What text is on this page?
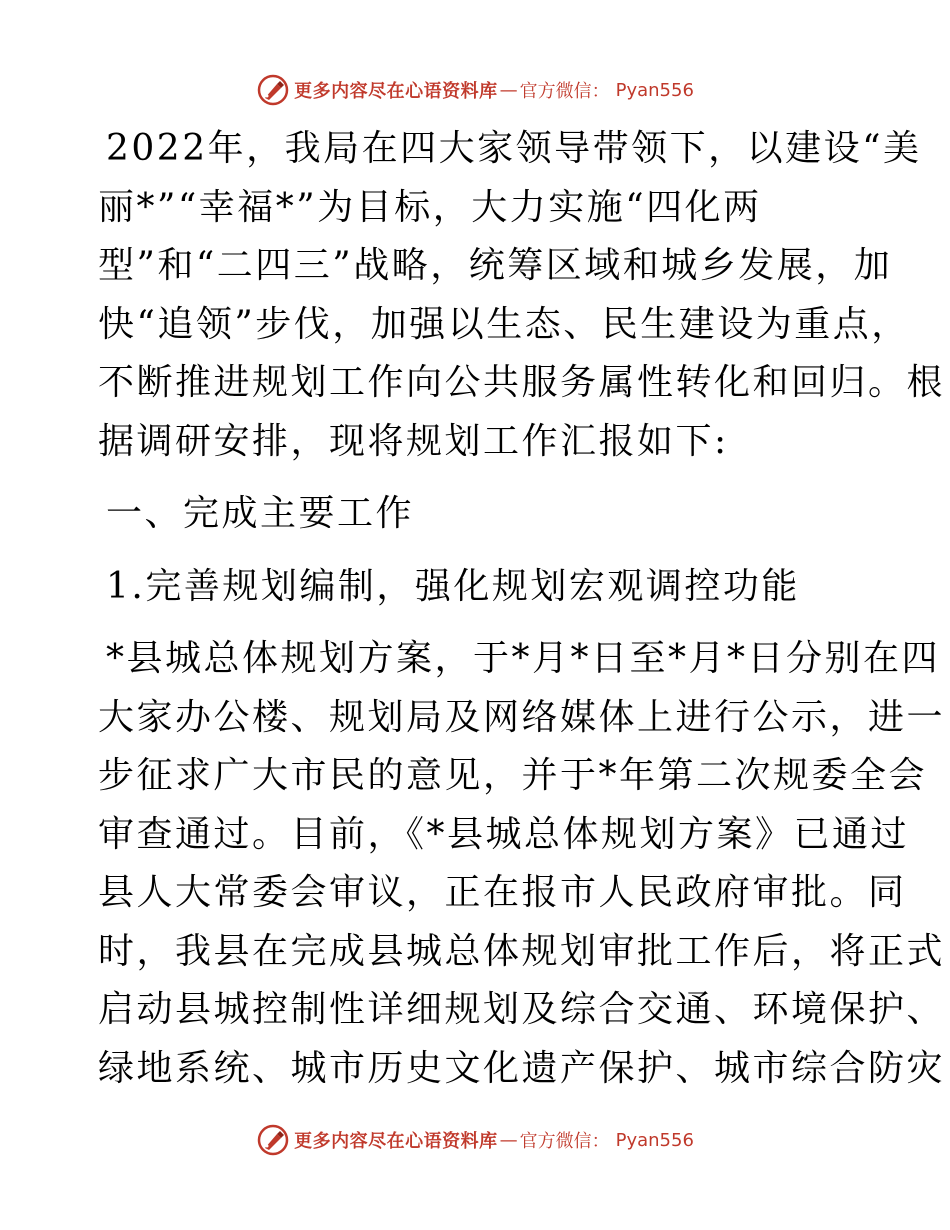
更多内容尽在心语资料库 — 官方微信： Pyan556
2022年，我局在四大家领导带领下，以建设“美
丽*”“幸福*”为目标，大力实施“四化两
型”和“二四三”战略，统筹区域和城乡发展，加
快“追领”步伐，加强以生态、民生建设为重点，
不断推进规划工作向公共服务属性转化和回归。根
据调研安排，现将规划工作汇报如下:
一、完成主要工作
1.完善规划编制，强化规划宏观调控功能
*县城总体规划方案，于*月*日至*月*日分别在四
大家办公楼、规划局及网络媒体上进行公示，进一
步征求广大市民的意见，并于*年第二次规委全会
审查通过。目前，《*县城总体规划方案》已通过
县人大常委会审议，正在报市人民政府审批。同
时，我县在完成县城总体规划审批工作后，将正式
启动县城控制性详细规划及综合交通、环境保护、
绿地系统、城市历史文化遗产保护、城市综合防灾
更多内容尽在心语资料库 — 官方微信： Pyan556
